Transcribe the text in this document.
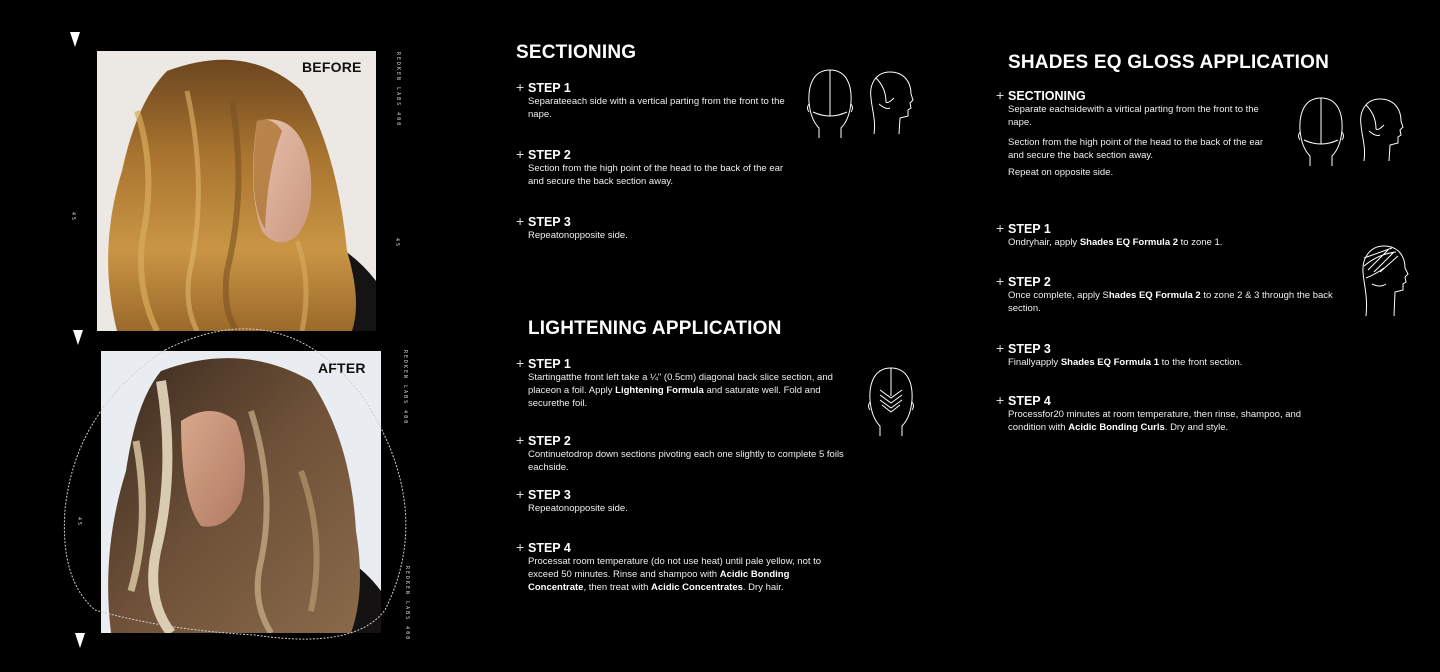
BEFORE
AFTER
REDKEN LABS 400
REDKEN LABS 400
REDKEN LABS 400
45
45
45
SECTIONING
+ STEP 1
Separateeach side with a vertical parting from the front to the nape.
+ STEP 2
Section from the high point of the head to the back of the ear and secure the back section away.
+ STEP 3
Repeatonopposite side.
LIGHTENING APPLICATION
+ STEP 1
Startingatthe front left take a ¼" (0.5cm) diagonal back slice section, and placeon a foil. Apply Lightening Formula and saturate well. Fold and securethe foil.
+ STEP 2
Continuetodrop down sections pivoting each one slightly to complete 5 foils eachside.
+ STEP 3
Repeatonopposite side.
+ STEP 4
Processat room temperature (do not use heat) until pale yellow, not to exceed 50 minutes. Rinse and shampoo with Acidic Bonding Concentrate, then treat with Acidic Concentrates. Dry hair.
SHADES EQ GLOSS APPLICATION
+ SECTIONING
Separate eachsidewith a virtical parting from the front to the nape.
Section from the high point of the head to the back of the ear and secure the back section away.
Repeat on opposite side.
+ STEP 1
Ondryhair, apply Shades EQ Formula 2 to zone 1.
+ STEP 2
Once complete, apply Shades EQ Formula 2 to zone 2 & 3 through the back section.
+ STEP 3
Finallyapply Shades EQ Formula 1 to the front section.
+ STEP 4
Processfor20 minutes at room temperature, then rinse, shampoo, and condition with Acidic Bonding Curls. Dry and style.
